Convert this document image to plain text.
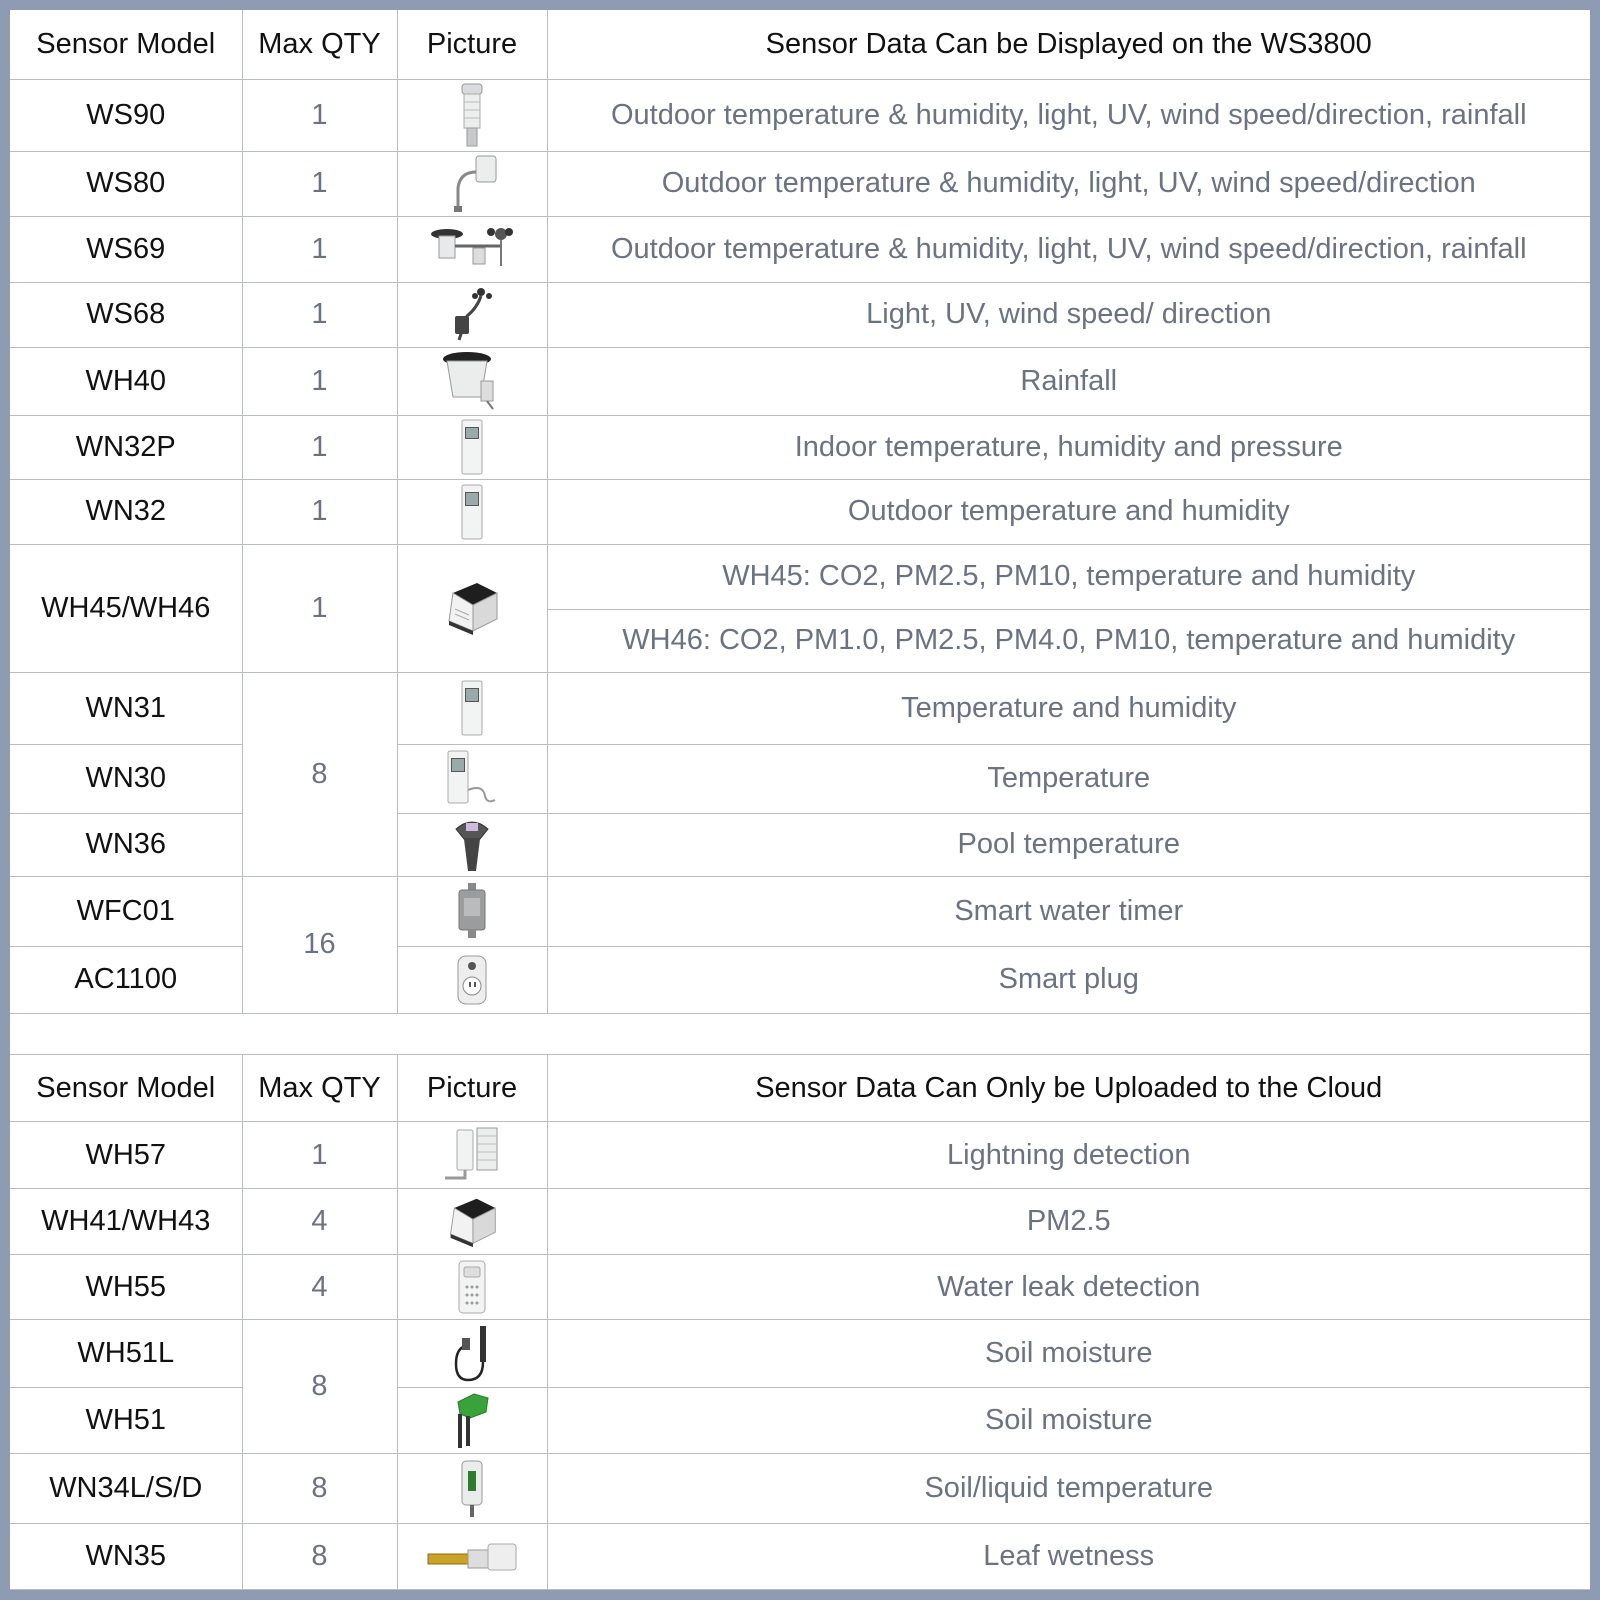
Sensor Model	Max QTY	Picture	Sensor Data Can be Displayed on the WS3800
WS90	1		Outdoor temperature & humidity, light, UV, wind speed/direction, rainfall
WS80	1		Outdoor temperature & humidity, light, UV, wind speed/direction
WS69	1		Outdoor temperature & humidity, light, UV, wind speed/direction, rainfall
WS68	1		Light, UV, wind speed/ direction
WH40	1		Rainfall
WN32P	1		Indoor temperature, humidity and pressure
WN32	1		Outdoor temperature and humidity
WH45/WH46	1		WH45: CO2, PM2.5, PM10, temperature and humidity
			WH46: CO2, PM1.0, PM2.5, PM4.0, PM10, temperature and humidity
WN31	8		Temperature and humidity
WN30			Temperature
WN36			Pool temperature
WFC01	16		Smart water timer
AC1100			Smart plug
Sensor Model	Max QTY	Picture	Sensor Data Can Only be Uploaded to the Cloud
WH57	1		Lightning detection
WH41/WH43	4		PM2.5
WH55	4		Water leak detection
WH51L	8		Soil moisture
WH51			Soil moisture
WN34L/S/D	8		Soil/liquid temperature
WN35	8		Leaf wetness
